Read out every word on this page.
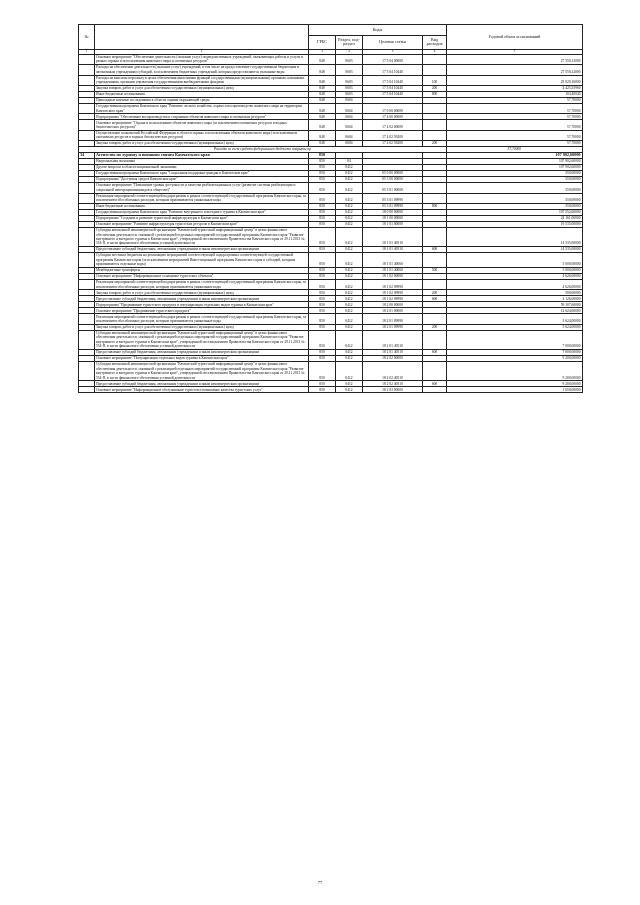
№		Коды				Годовой объем ассигнований
		ГРБС	Раздел, под-раздел	Целевая статья	Вид расходов	
1	2	3	4	5	6	7
	Основное мероприятие "Обеспечение деятельности (оказание услуг) подведомственных учреждений, оказывающих работы и услуги в рамках охраны и использования животного мира и охотничьих ресурсов"	848	0603	17 5 04 00000		27 550,12000
	Расходы на обеспечение деятельности (оказание услуг) учреждений, в том числе на предоставление государственным бюджетным и автономным учреждениям субсидий, за исключением бюджетных учреждений, которым предоставляются указанные виды	848	0603	17 5 04 10440		27 550,12000
	Расходы на выплаты персоналу в целях обеспечения выполнения функций государственными (муниципальными) органами, казенными учреждениями, органами управления государственными внебюджетными фондами	848	0603	17 5 04 10440	100	25 020,16000
	Закупка товаров, работ и услуг для обеспечения государственных (муниципальных) нужд	848	0603	17 5 04 10440	200	2 425,55960
	Иные бюджетные ассигнования	848	0603	17 5 04 10440	800	104,40040
	Прикладные научные исследования в области охраны окружающей среды	848	0604			57,70000
	Государственная программа Камчатского края "Развитие лесного хозяйства, охрана и воспроизводство животного мира на территории Камчатского края"	848	0604	17 0 00 00000		57,70000
	Подпрограмма "Обеспечение воспроизводства и сохранение объектов животного мира и охотничьих ресурсов"	848	0604	17 4 00 00000		57,70000
	Основное мероприятие "Охрана и использование объектов животного мира (за исключением охотничьих ресурсов и водных биологических ресурсов)"	848	0604	17 4 02 00000		57,70000
	Осуществление полномочий Российской Федерации в области охраны и использования объектов животного мира (за исключением охотничьих ресурсов и водных биологических ресурсов)	848	0604	17 4 02 59200		57,70000
	Закупка товаров, работ и услуг для обеспечения государственных (муниципальных) нужд	848	0604	17 4 02 59200	200	57,70000
Расходы за счет средств федерального бюджета покрыты пр						57,70000
34	Агентство по туризму и внешним связям Камчатского края	850				107 902,60000
	Национальная экономика	850	04			107 902,60000
	Другие вопросы в области национальной экономики	850	0412			107 902,60000
	Государственная программа Камчатского края "Социальная поддержка граждан в Камчатском крае"	850	0412	05 0 00 00000		350,00000
	Подпрограмма "Доступная среда в Камчатском крае"	850	0412	05 3 00 00000		350,00000
	Основное мероприятие "Повышение уровня доступности и качества реабилитационных услуг (развитие системы реабилитации и социальной интеграции инвалидов в обществе)"	850	0412	05 3 01 00000		350,00000
	Реализация мероприятий соответствующей подпрограммы в рамках соответствующей государственной программы Камчатского края, за исключением обособленных расходов, которым присваиваются уникальные коды	850	0412	05 3 01 09990		350,00000
	Иные бюджетные ассигнования	850	0412	05 3 01 09990	800	350,00000
	Государственная программа Камчатского края "Развитие внутреннего и въездного туризма в Камчатском крае"	850	0412	18 0 00 00000		107 552,60000
	Подпрограмма "Создание и развитие туристской инфраструктуры в Камчатском крае"	850	0412	18 1 00 00000		24 161,00000
	Основное мероприятие "Развитие инфраструктуры туристских ресурсов в Камчатском крае"	850	0412	18 1 01 00000		19 535,00000
	Субсидия автономной некоммерческой организации "Камчатский туристский информационный центр" в целях финансового обеспечения деятельности, связанной с реализацией отдельных мероприятий государственной программы Камчатского края "Развитие внутреннего и въездного туризма в Камчатском крае", утвержденной постановлением Правительства Камчатского края от 29.11.2013 № 554-П, в части финансового обеспечения уставной деятельности	850	0412	18 1 01 40510		14 535,00000
	Предоставление субсидий бюджетным, автономным учреждениям и иным некоммерческим организациям	850	0412	18 1 01 40510	600	14 535,00000
	Субсидии местным бюджетам на реализацию мероприятий соответствующей подпрограммы соответствующей государственной программы Камчатского края (за исключением мероприятий Инвестиционной программы Камчатского края и субсидий, которым присваиваются отдельные коды)	850	0412	18 1 01 40060		5 000,00000
	Межбюджетные трансферты	850	0412	18 1 01 40060	500	5 000,00000
	Основное мероприятие "Информационное оснащение туристских объектов"	850	0412	18 1 02 00000		4 626,00000
	Реализация мероприятий соответствующей подпрограммы в рамках соответствующей государственной программы Камчатского края, за исключением обособленных расходов, которым присваиваются уникальные коды	850	0412	18 1 02 09990		4 626,00000
	Закупка товаров, работ и услуг для обеспечения государственных (муниципальных) нужд	850	0412	18 1 02 09990	200	500,00000
	Предоставление субсидий бюджетным, автономным учреждениям и иным некоммерческим организациям	850	0412	18 1 02 09990	600	4 126,00000
	Подпрограмма "Продвижение туристского продукта и популяризация отдельных видов туризма в Камчатском крае"	850	0412	18 2 00 00000		59 307,60000
	Основное мероприятие "Продвижение туристского продукта"	850	0412	18 2 01 00000		12 624,00000
	Реализация мероприятий соответствующей подпрограммы в рамках соответствующей государственной программы Камчатского края, за исключением обособленных расходов, которым присваиваются уникальные коды	850	0412	18 2 01 09990		5 624,00000
	Закупка товаров, работ и услуг для обеспечения государственных (муниципальных) нужд	850	0412	18 2 01 09990	200	5 624,00000
	Субсидия автономной некоммерческой организации "Камчатский туристский информационный центр" в целях финансового обеспечения деятельности, связанной с реализацией отдельных мероприятий государственной программы Камчатского края "Развитие внутреннего и въездного туризма в Камчатском крае", утвержденной постановлением Правительства Камчатского края от 29.11.2013 № 554-П, в части финансового обеспечения уставной деятельности	850	0412	18 2 01 40510		7 000,00000
	Предоставление субсидий бюджетным, автономным учреждениям и иным некоммерческим организациям	850	0412	18 2 01 40510	600	7 000,00000
	Основное мероприятие "Популяризация отдельных видов туризма в Камчатском крае"	850	0412	18 2 02 00000		9 200,00000
	Субсидия автономной некоммерческой организации "Камчатский туристский информационный центр" в целях финансового обеспечения деятельности, связанной с реализацией отдельных мероприятий государственной программы Камчатского края "Развитие внутреннего и въездного туризма в Камчатском крае", утвержденной постановлением Правительства Камчатского края от 29.11.2013 № 554-П, в части финансового обеспечения уставной деятельности	850	0412	18 2 02 40510		9 200,00000
	Предоставление субсидий бюджетным, автономным учреждениям и иным некоммерческим организациям	850	0412	18 2 02 40510	600	9 200,00000
	Основное мероприятие "Информационное обслуживание туристов и повышение качества туристских услуг"	850	0412	18 2 03 00000		1 650,00000
77
